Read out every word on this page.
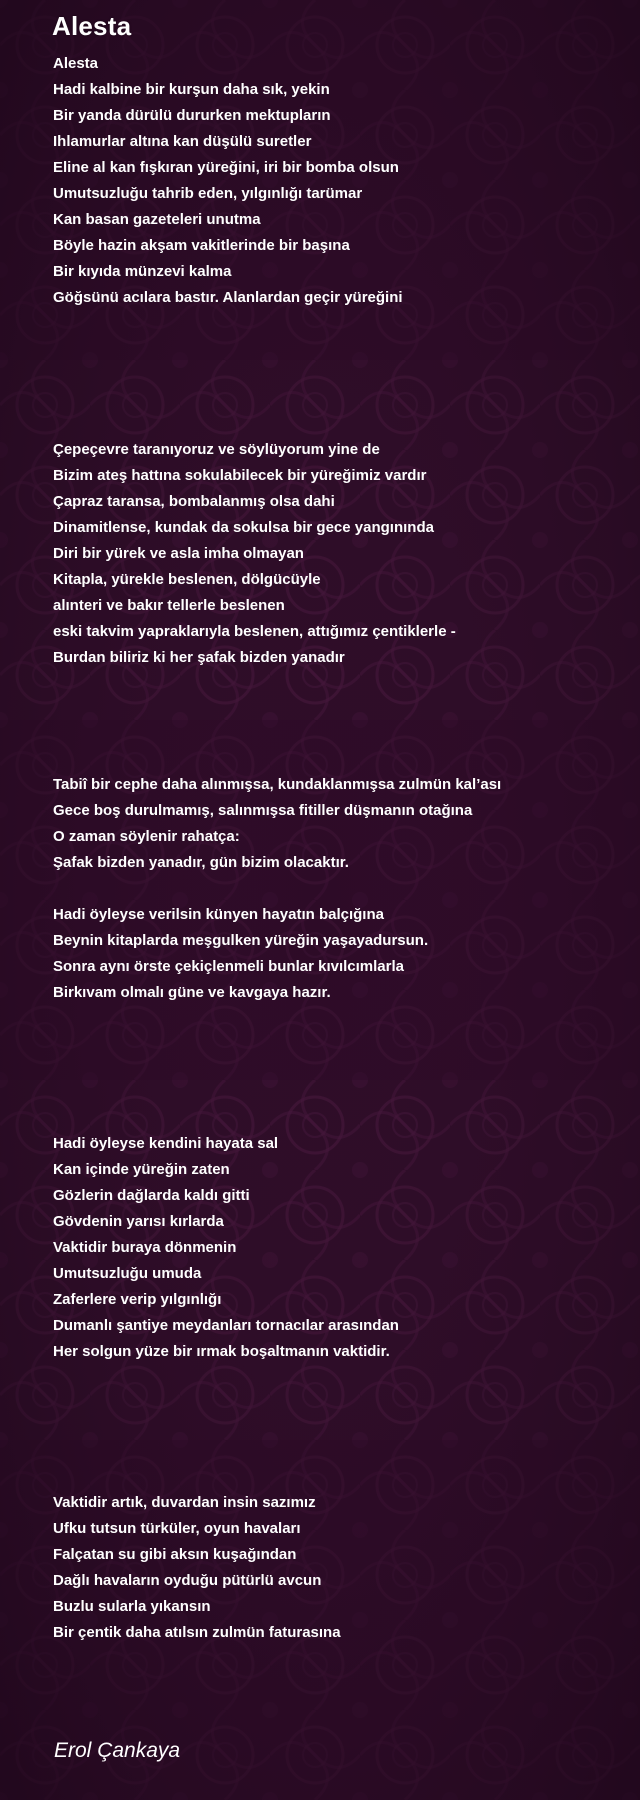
Alesta
Alesta
Hadi kalbine bir kurşun daha sık, yekin
Bir yanda dürülü dururken mektupların
Ihlamurlar altına kan düşülü suretler
Eline al kan fışkıran yüreğini, iri bir bomba olsun
Umutsuzluğu tahrib eden, yılgınlığı tarümar
Kan basan gazeteleri unutma
Böyle hazin akşam vakitlerinde bir başına
Bir kıyıda münzevi kalma
Göğsünü acılara bastır. Alanlardan geçir yüreğini
Çepeçevre taranıyoruz ve söylüyorum yine de
Bizim ateş hattına sokulabilecek bir yüreğimiz vardır
Çapraz taransa, bombalanmış olsa dahi
Dinamitlense, kundak da sokulsa bir gece yangınında
Diri bir yürek ve asla imha olmayan
Kitapla, yürekle beslenen, dölgücüyle
alınteri ve bakır tellerle beslenen
eski takvim yapraklarıyla beslenen, attığımız çentiklerle -
Burdan biliriz ki her şafak bizden yanadır
Tabiî bir cephe daha alınmışsa, kundaklanmışsa zulmün kal’ası
Gece boş durulmamış, salınmışsa fitiller düşmanın otağına
O zaman söylenir rahatça:
Şafak bizden yanadır, gün bizim olacaktır.
Hadi öyleyse verilsin künyen hayatın balçığına
Beynin kitaplarda meşgulken yüreğin yaşayadursun.
Sonra aynı örste çekiçlenmeli bunlar kıvılcımlarla
Birkıvam olmalı güne ve kavgaya hazır.
Hadi öyleyse kendini hayata sal
Kan içinde yüreğin zaten
Gözlerin dağlarda kaldı gitti
Gövdenin yarısı kırlarda
Vaktidir buraya dönmenin
Umutsuzluğu umuda
Zaferlere verip yılgınlığı
Dumanlı şantiye meydanları tornacılar arasından
Her solgun yüze bir ırmak boşaltmanın vaktidir.
Vaktidir artık, duvardan insin sazımız
Ufku tutsun türküler, oyun havaları
Falçatan su gibi aksın kuşağından
Dağlı havaların oyduğu pütürlü avcun
Buzlu sularla yıkansın
Bir çentik daha atılsın zulmün faturasına
Erol Çankaya
